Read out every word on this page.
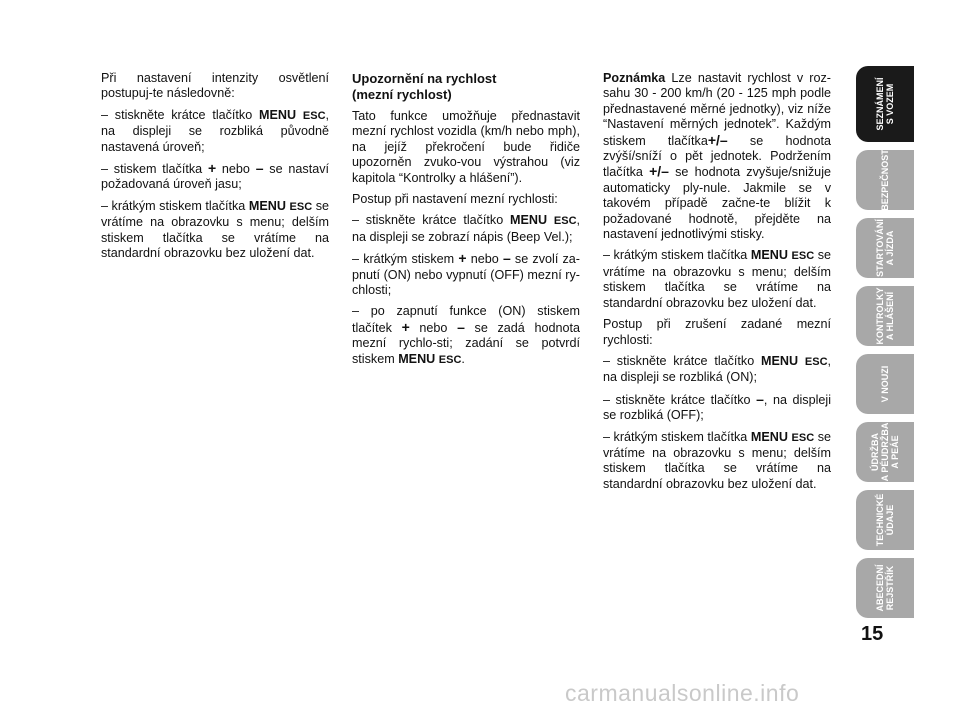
Při nastavení intenzity osvětlení postupuj-te následovně:

– stiskněte krátce tlačítko MENU ESC, na displeji se rozbliká původně nastavená úroveň;

– stiskem tlačítka + nebo – se nastaví požadovaná úroveň jasu;

– krátkým stiskem tlačítka MENU ESC se vrátíme na obrazovku s menu; delším stiskem tlačítka se vrátíme na standardní obrazovku bez uložení dat.

Upozornění na rychlost
(mezní rychlost)

Tato funkce umožňuje přednastavit mezní rychlost vozidla (km/h nebo mph), na jejíž překročení bude řidiče upozorněn zvuko-vou výstrahou (viz kapitola “Kontrolky a hlášení”).

Postup při nastavení mezní rychlosti:

– stiskněte krátce tlačítko MENU ESC, na displeji se zobrazí nápis (Beep Vel.);

– krátkým stiskem + nebo – se zvolí za-pnutí (ON) nebo vypnutí (OFF) mezní ry-chlosti;

– po zapnutí funkce (ON) stiskem tlačítek + nebo – se zadá hodnota mezní rychlo-sti; zadání se potvrdí stiskem MENU ESC.

Poznámka Lze nastavit rychlost v roz-sahu 30 - 200 km/h (20 - 125 mph podle přednastavené měrné jednotky), viz níže “Nastavení měrných jednotek”. Každým stiskem tlačítka+/– se hodnota zvýší/sníží o pět jednotek. Podržením tlačítka +/– se hodnota zvyšuje/snižuje automaticky ply-nule. Jakmile se v takovém případě začne-te blížit k požadované hodnotě, přejděte na nastavení jednotlivými stisky.

– krátkým stiskem tlačítka MENU ESC se vrátíme na obrazovku s menu; delším stiskem tlačítka se vrátíme na standardní obrazovku bez uložení dat.

Postup při zrušení zadané mezní rychlosti:

– stiskněte krátce tlačítko MENU ESC, na displeji se rozbliká (ON);

– stiskněte krátce tlačítko –, na displeji se rozbliká (OFF);

– krátkým stiskem tlačítka MENU ESC se vrátíme na obrazovku s menu; delším stiskem tlačítka se vrátíme na standardní obrazovku bez uložení dat.

SEZNÁMENÍ
S VOZEM
BEZPEČNOST
STARTOVÁNÍ
A JÍZDA
KONTROLKY
A HLÁŠENÍ
V NOUZI
ÚDRŽBA
A PÉUDRŽBA
A PEÁE
TECHNICKÉ
ÚDAJE
ABECEDNÍ
REJSTŘÍK
15
carmanualsonline.info
